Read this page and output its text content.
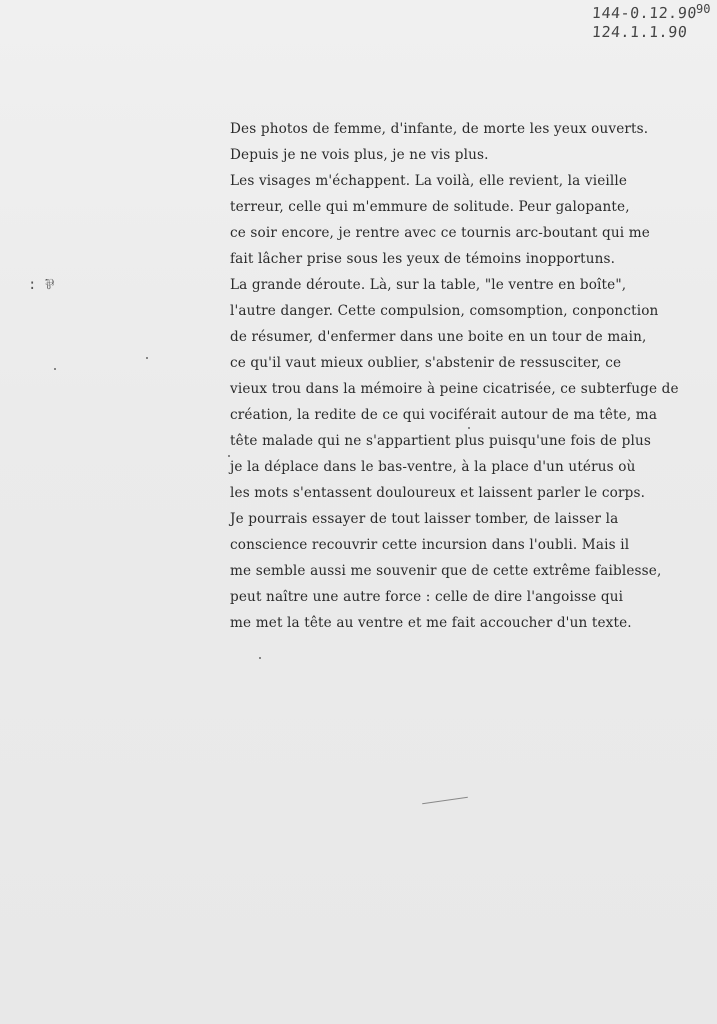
90
144-0.12.90
124.1.1.90
: ⅌
Des photos de femme, d'infante, de morte les yeux ouverts.
Depuis je ne vois plus, je ne vis plus.
Les visages m'échappent. La voilà, elle revient, la vieille
terreur, celle qui m'emmure de solitude. Peur galopante,
ce soir encore, je rentre avec ce tournis arc-boutant qui me
fait lâcher prise sous les yeux de témoins inopportuns.
La grande déroute. Là, sur la table, "le ventre en boîte",
l'autre danger. Cette compulsion, comsomption, conponction
de résumer, d'enfermer dans une boite en un tour de main,
ce qu'il vaut mieux oublier, s'abstenir de ressusciter, ce
vieux trou dans la mémoire à peine cicatrisée, ce subterfuge de
création, la redite de ce qui vociférait autour de ma tête, ma
tête malade qui ne s'appartient plus puisqu'une fois de plus
je la déplace dans le bas-ventre, à la place d'un utérus où
les mots s'entassent douloureux et laissent parler le corps.
Je pourrais essayer de tout laisser tomber, de laisser la
conscience recouvrir cette incursion dans l'oubli. Mais il
me semble aussi me souvenir que de cette extrême faiblesse,
peut naître une autre force : celle de dire l'angoisse qui
me met la tête au ventre et me fait accoucher d'un texte.
